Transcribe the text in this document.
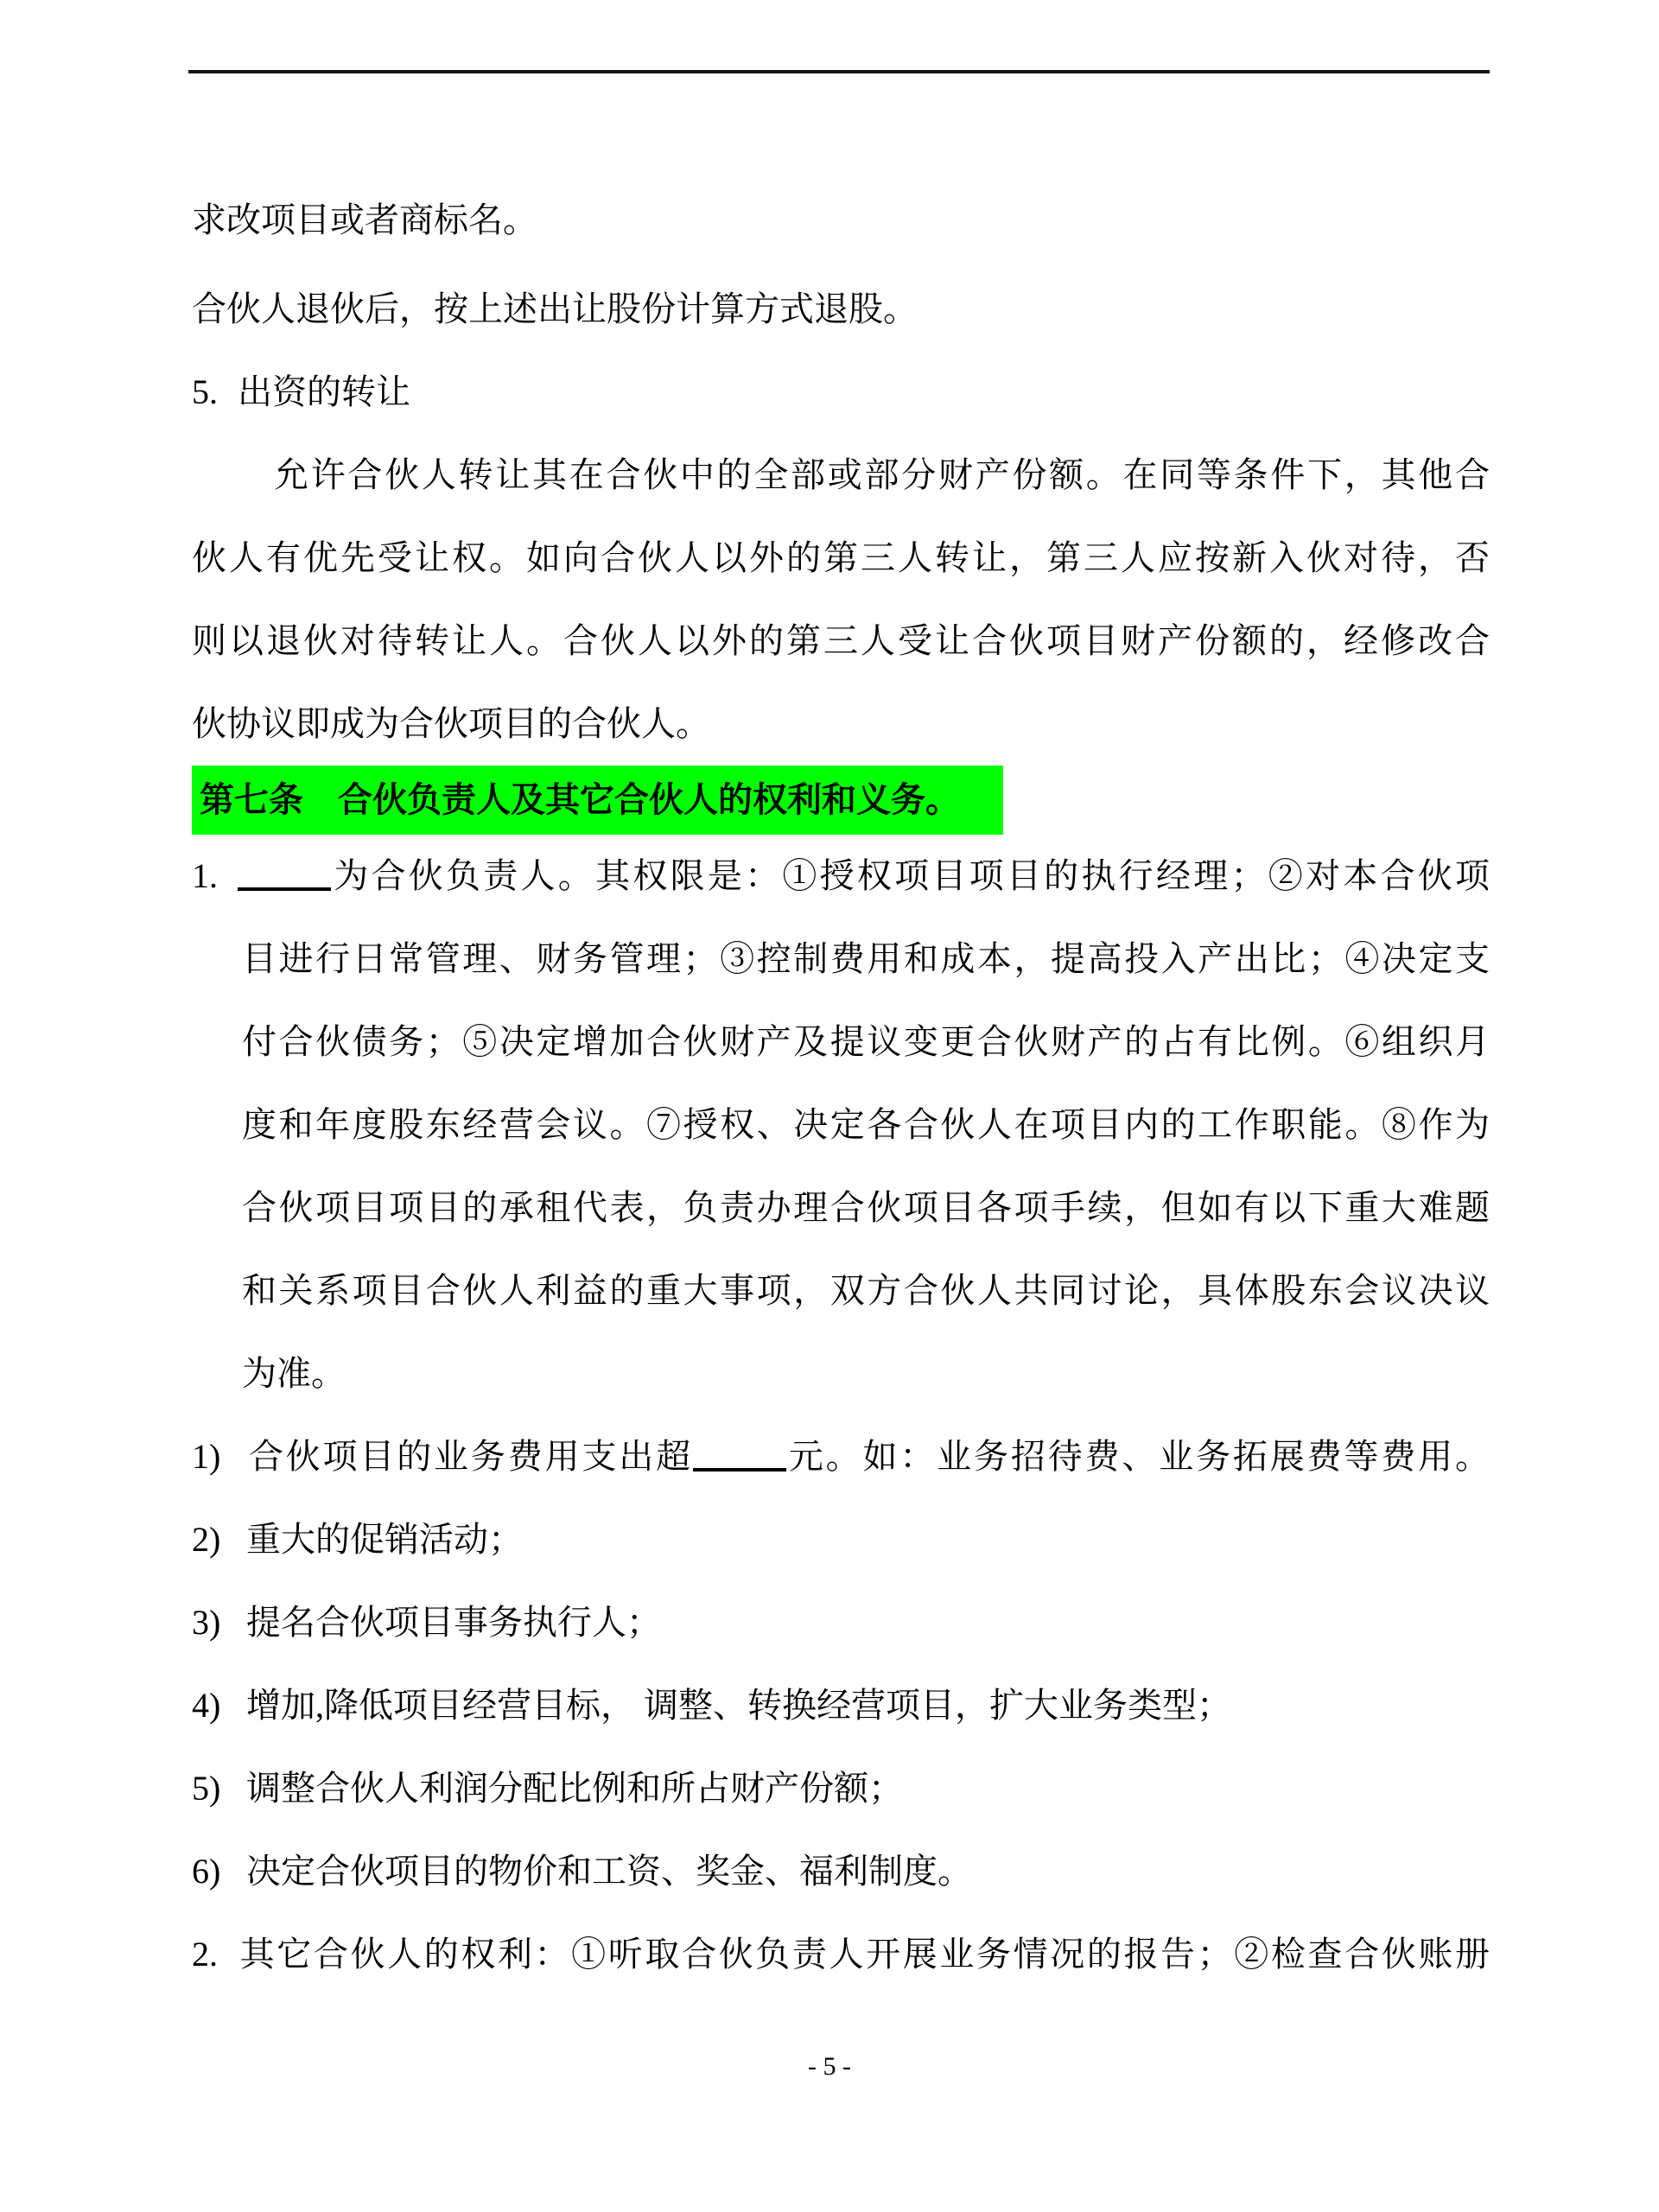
求改项目或者商标名。
合伙人退伙后，按上述出让股份计算方式退股。
5. 出资的转让
允许合伙人转让其在合伙中的全部或部分财产份额。在同等条件下，其他合
伙人有优先受让权。如向合伙人以外的第三人转让，第三人应按新入伙对待，否
则以退伙对待转让人。合伙人以外的第三人受让合伙项目财产份额的，经修改合
伙协议即成为合伙项目的合伙人。
第七条　合伙负责人及其它合伙人的权利和义务。
1.	为合伙负责人。其权限是：①授权项目项目的执行经理；②对本合伙项
目进行日常管理、财务管理；③控制费用和成本，提高投入产出比；④决定支
付合伙债务；⑤决定增加合伙财产及提议变更合伙财产的占有比例。⑥组织月
度和年度股东经营会议。⑦授权、决定各合伙人在项目内的工作职能。⑧作为
合伙项目项目的承租代表，负责办理合伙项目各项手续，但如有以下重大难题
和关系项目合伙人利益的重大事项，双方合伙人共同讨论，具体股东会议决议
为准。
1) 合伙项目的业务费用支出超	元。如：业务招待费、业务拓展费等费用。
2) 重大的促销活动；
3) 提名合伙项目事务执行人；
4) 增加,降低项目经营目标， 调整、转换经营项目，扩大业务类型；
5) 调整合伙人利润分配比例和所占财产份额；
6) 决定合伙项目的物价和工资、奖金、福利制度。
2. 其它合伙人的权利：①听取合伙负责人开展业务情况的报告；②检查合伙账册
- 5 -
